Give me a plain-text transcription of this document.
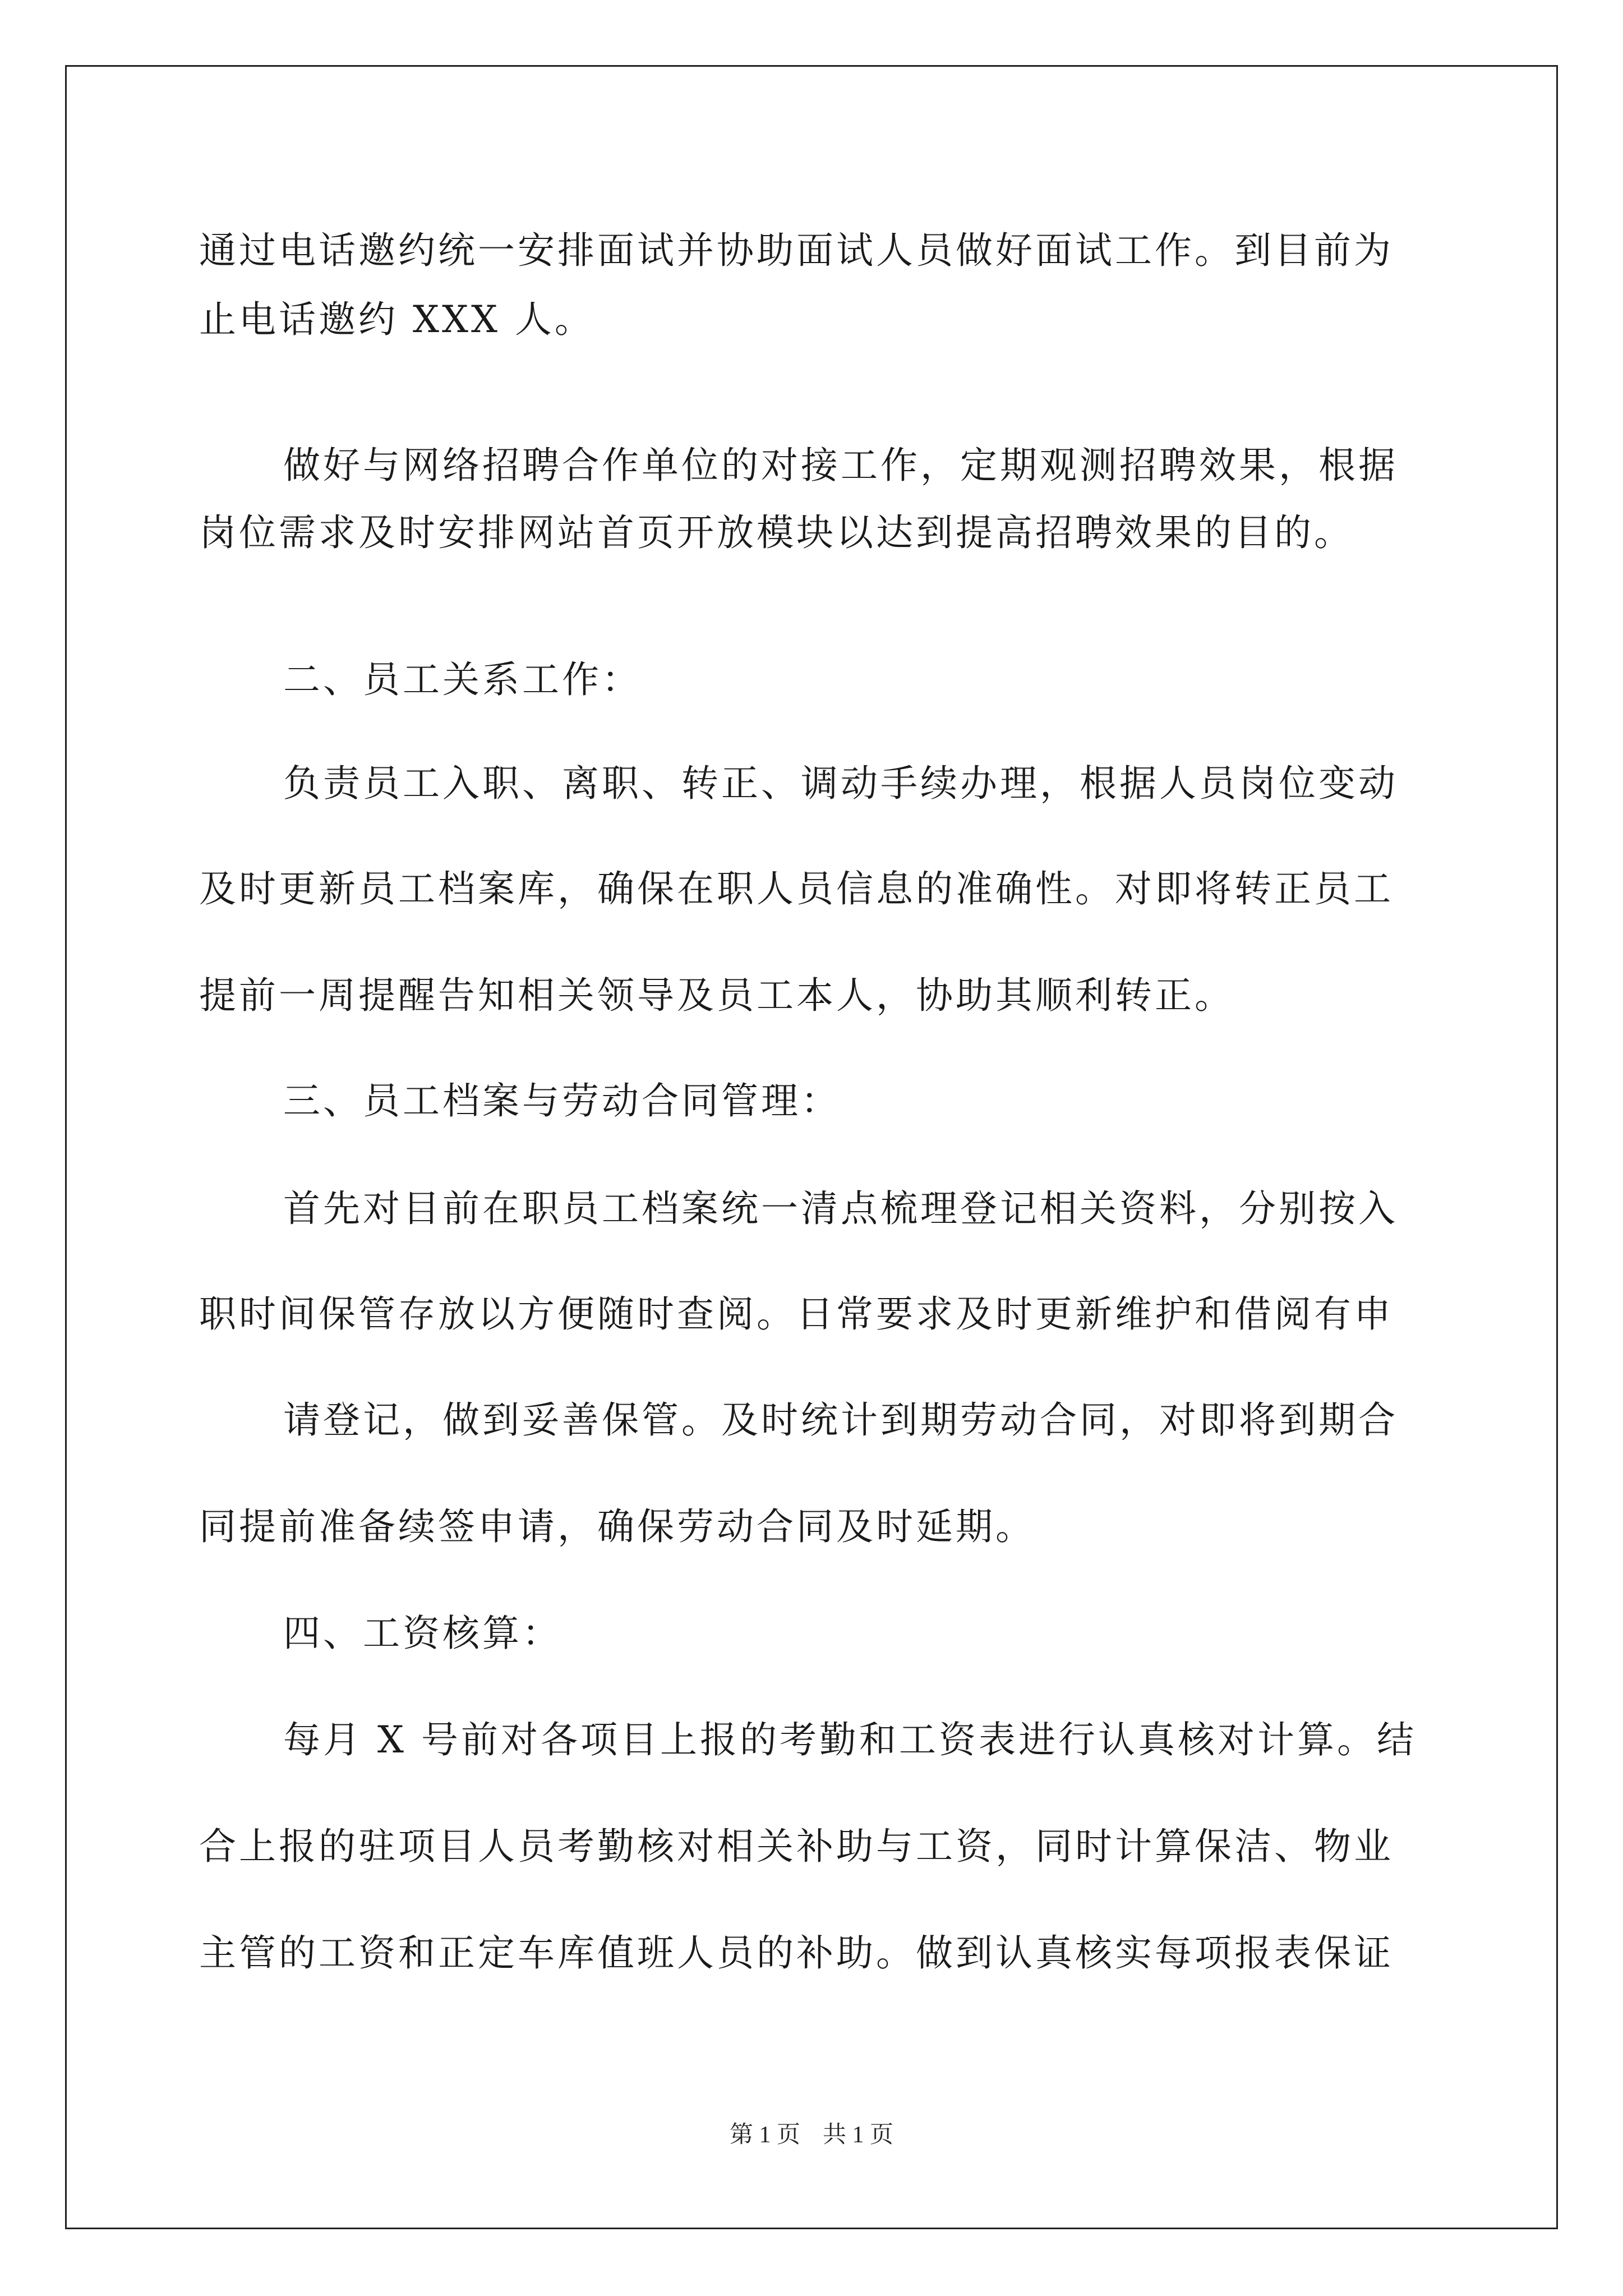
通过电话邀约统一安排面试并协助面试人员做好面试工作。到目前为
止电话邀约 XXX 人。
做好与网络招聘合作单位的对接工作，定期观测招聘效果，根据
岗位需求及时安排网站首页开放模块以达到提高招聘效果的目的。
二、员工关系工作：
负责员工入职、离职、转正、调动手续办理，根据人员岗位变动
及时更新员工档案库，确保在职人员信息的准确性。对即将转正员工
提前一周提醒告知相关领导及员工本人，协助其顺利转正。
三、员工档案与劳动合同管理：
首先对目前在职员工档案统一清点梳理登记相关资料，分别按入
职时间保管存放以方便随时查阅。日常要求及时更新维护和借阅有申
请登记，做到妥善保管。及时统计到期劳动合同，对即将到期合
同提前准备续签申请，确保劳动合同及时延期。
四、工资核算：
每月 X 号前对各项目上报的考勤和工资表进行认真核对计算。结
合上报的驻项目人员考勤核对相关补助与工资，同时计算保洁、物业
主管的工资和正定车库值班人员的补助。做到认真核实每项报表保证
第 1 页 共 1 页
